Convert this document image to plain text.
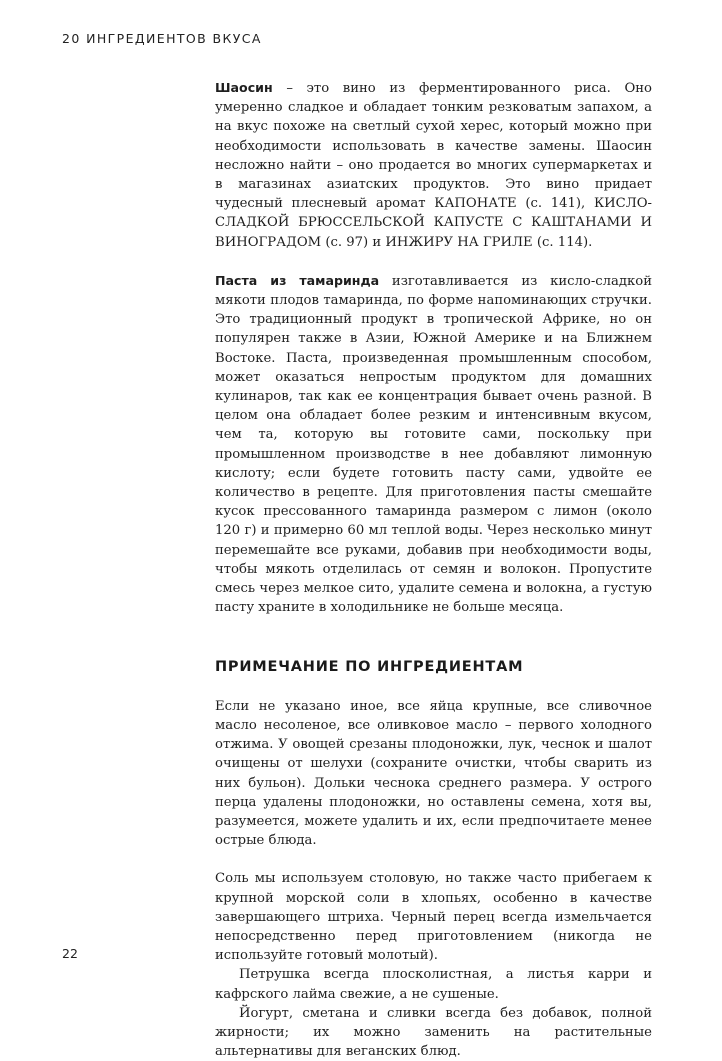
20 ИНГРЕДИЕНТОВ ВКУСА

Шаосин – это вино из ферментированного риса. Оно умеренно сладкое и обладает тонким резковатым запахом, а на вкус похоже на светлый сухой херес, который можно при необходимости использовать в качестве замены. Шаосин несложно найти – оно продается во многих супермаркетах и в магазинах азиатских продуктов. Это вино придает чудесный плесневый аромат КАПОНАТЕ (с. 141), КИСЛО-СЛАДКОЙ БРЮССЕЛЬСКОЙ КАПУСТЕ С КАШТАНАМИ И ВИНОГРАДОМ (с. 97) и ИНЖИРУ НА ГРИЛЕ (с. 114).

Паста из тамаринда изготавливается из кисло-сладкой мякоти плодов тамаринда, по форме напоминающих стручки. Это традиционный продукт в тропической Африке, но он популярен также в Азии, Южной Америке и на Ближнем Востоке. Паста, произведенная промышленным способом, может оказаться непростым продуктом для домашних кулинаров, так как ее концентрация бывает очень разной. В целом она обладает более резким и интенсивным вкусом, чем та, которую вы готовите сами, поскольку при промышленном производстве в нее добавляют лимонную кислоту; если будете готовить пасту сами, удвойте ее количество в рецепте. Для приготовления пасты смешайте кусок прессованного тамаринда размером с лимон (около 120 г) и примерно 60 мл теплой воды. Через несколько минут перемешайте все руками, добавив при необходимости воды, чтобы мякоть отделилась от семян и волокон. Пропустите смесь через мелкое сито, удалите семена и волокна, а густую пасту храните в холодильнике не больше месяца.

ПРИМЕЧАНИЕ ПО ИНГРЕДИЕНТАМ

Если не указано иное, все яйца крупные, все сливочное масло несоленое, все оливковое масло – первого холодного отжима. У овощей срезаны плодоножки, лук, чеснок и шалот очищены от шелухи (сохраните очистки, чтобы сварить из них бульон). Дольки чеснока среднего размера. У острого перца удалены плодоножки, но оставлены семена, хотя вы, разумеется, можете удалить и их, если предпочитаете менее острые блюда.

Соль мы используем столовую, но также часто прибегаем к крупной морской соли в хлопьях, особенно в качестве завершающего штриха. Черный перец всегда измельчается непосредственно перед приготовлением (никогда не используйте готовый молотый).

Петрушка всегда плосколистная, а листья карри и кафрского лайма свежие, а не сушеные.

Йогурт, сметана и сливки всегда без добавок, полной жирности; их можно заменить на растительные альтернативы для веганских блюд.

22
